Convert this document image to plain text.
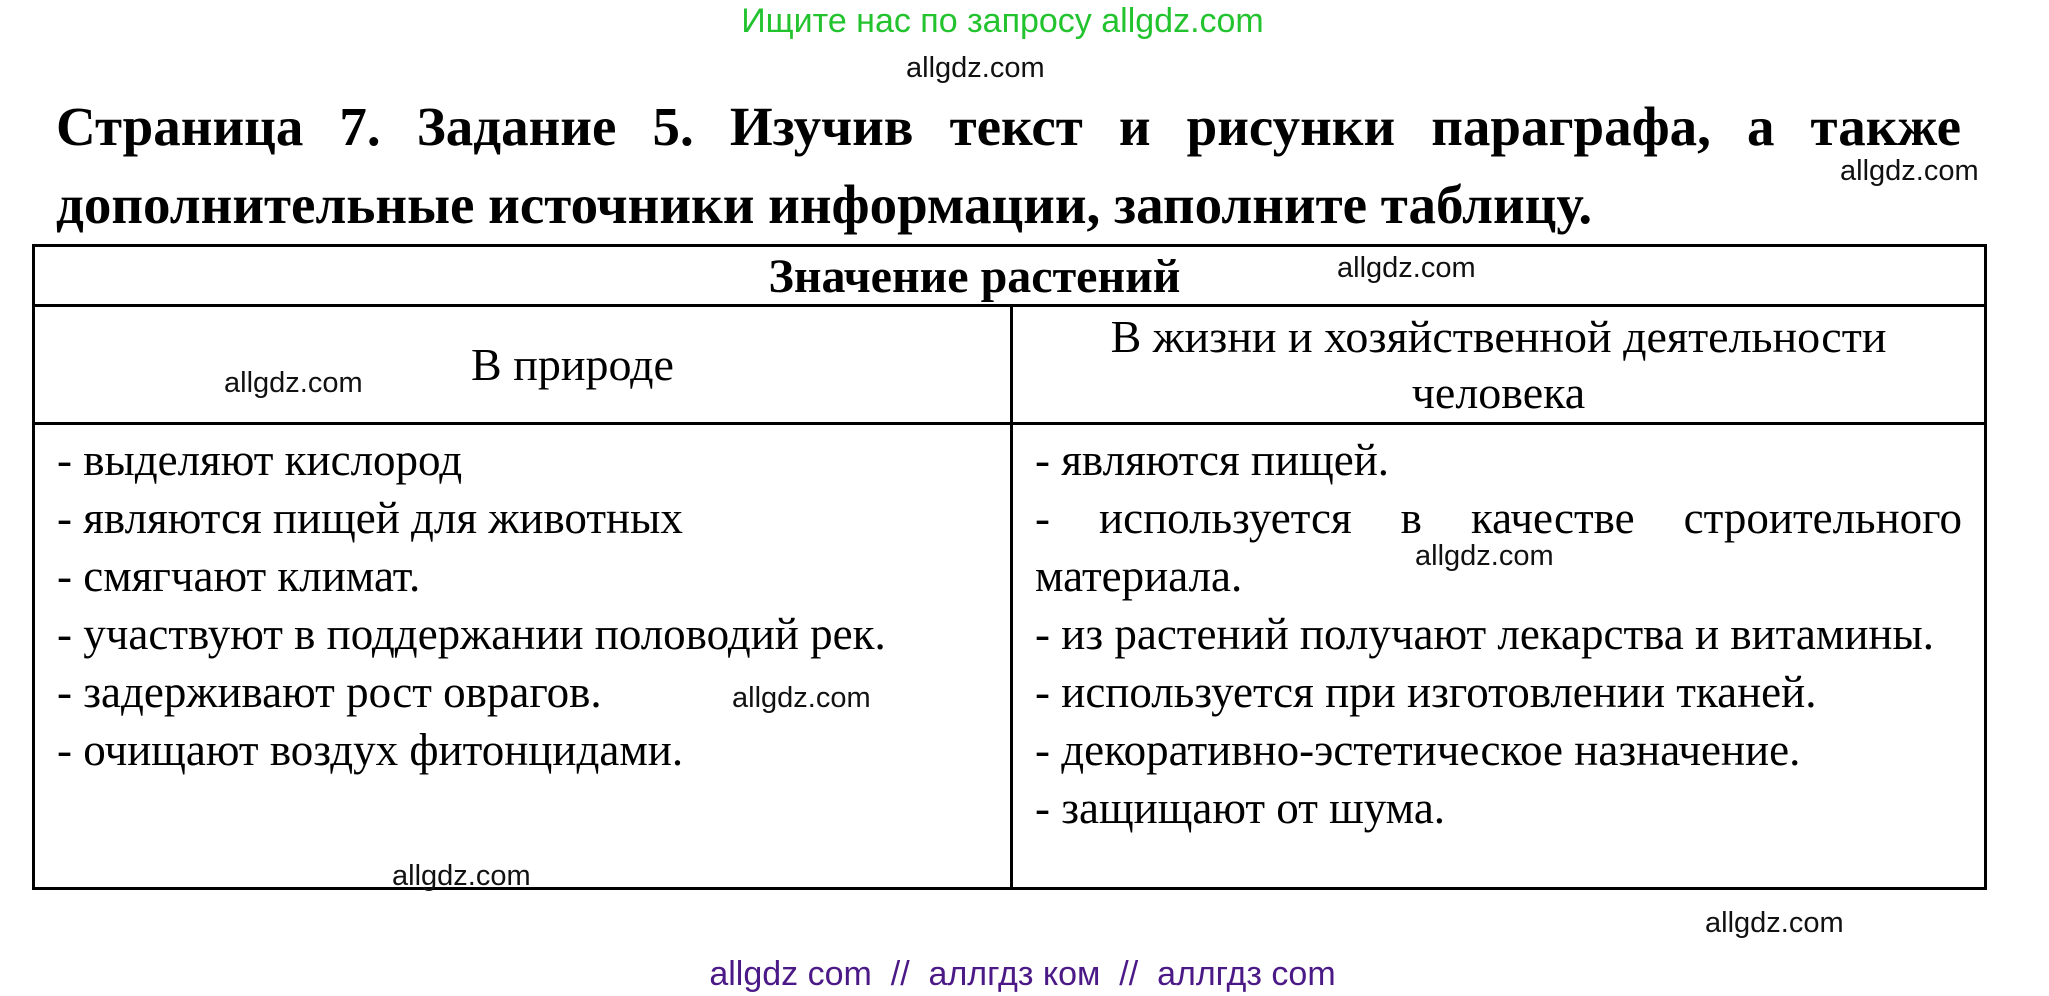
Ищите нас по запросу allgdz.com
allgdz.com
Страница 7. Задание 5. Изучив текст и рисунки параграфа, а также
дополнительные источники информации, заполните таблицу.
allgdz.com
Значение растений
В природе
- выделяют кислород
- являются пищей для животных
- смягчают климат.
- участвуют в поддержании половодий рек.
- задерживают рост оврагов.
- очищают воздух фитонцидами.
В жизни и хозяйственной деятельности человека
- являются пищей.
- используется в качестве строительного материала.
- из растений получают лекарства и витамины.
- используется при изготовлении тканей.
- декоративно-эстетическое назначение.
- защищают от шума.
allgdz.com
allgdz.com
allgdz.com
allgdz.com
allgdz.com
allgdz.com
allgdz com  //  аллгдз ком  //  аллгдз com
